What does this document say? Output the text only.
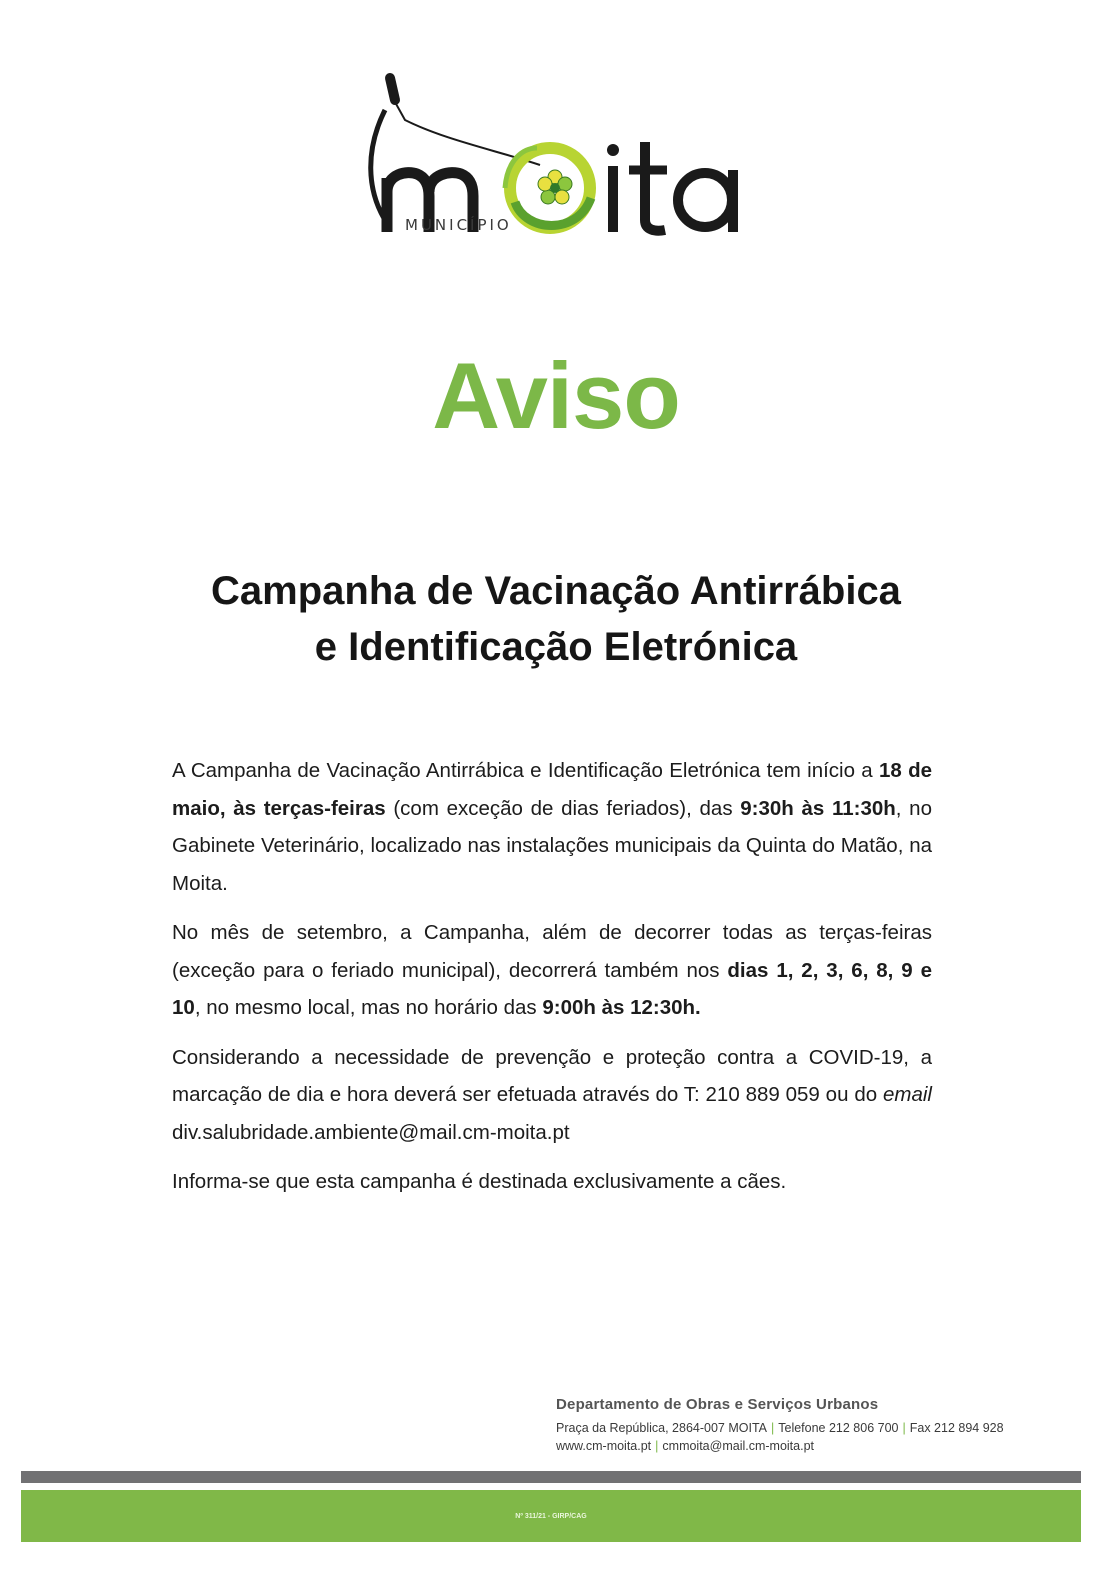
MUNICÍPIO
Aviso
Campanha de Vacinação Antirrábica
e Identificação Eletrónica

A Campanha de Vacinação Antirrábica e Identificação Eletrónica tem início a 18 de maio, às terças-feiras (com exceção de dias feriados), das 9:30h às 11:30h, no Gabinete Veterinário, localizado nas instalações municipais da Quinta do Matão, na Moita.

No mês de setembro, a Campanha, além de decorrer todas as terças-feiras (exceção para o feriado municipal), decorrerá também nos dias 1, 2, 3, 6, 8, 9 e 10, no mesmo local, mas no horário das 9:00h às 12:30h.

Considerando a necessidade de prevenção e proteção contra a COVID-19, a marcação de dia e hora deverá ser efetuada através do T: 210 889 059 ou do email div.salubridade.ambiente@mail.cm-moita.pt

Informa-se que esta campanha é destinada exclusivamente a cães.

Departamento de Obras e Serviços Urbanos
Praça da República, 2864-007 MOITA | Telefone 212 806 700 | Fax 212 894 928
www.cm-moita.pt | cmmoita@mail.cm-moita.pt
Nº 311/21 - GIRP/CAG
